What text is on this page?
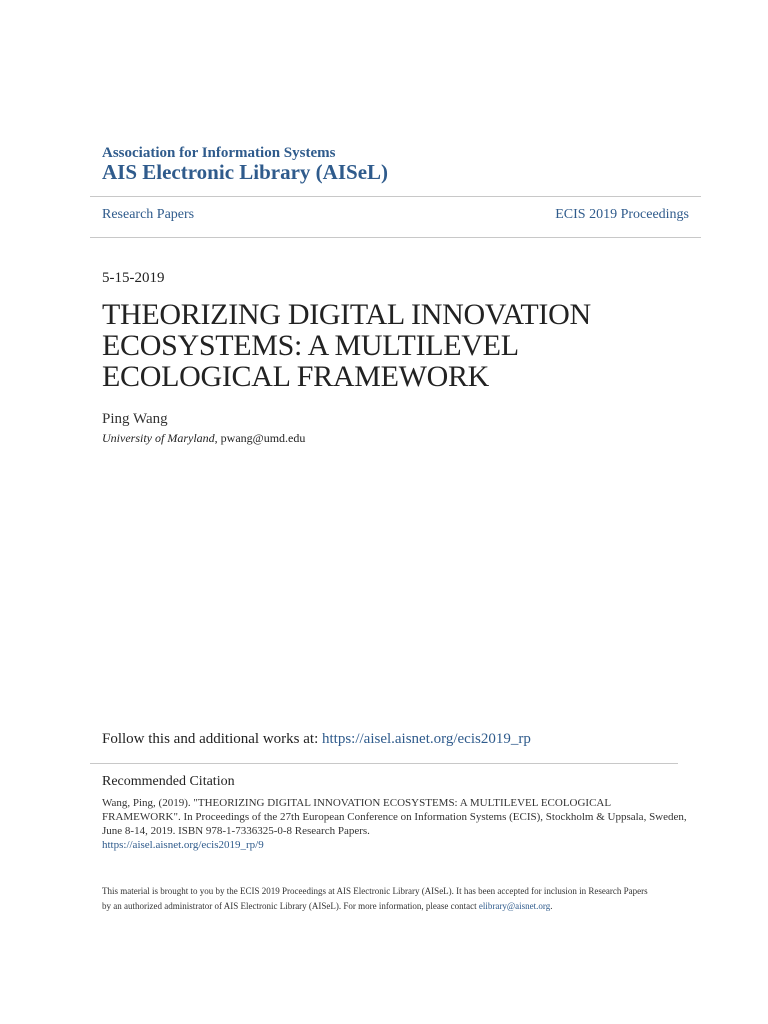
Association for Information Systems
AIS Electronic Library (AISeL)
Research Papers	ECIS 2019 Proceedings
5-15-2019
THEORIZING DIGITAL INNOVATION
ECOSYSTEMS: A MULTILEVEL
ECOLOGICAL FRAMEWORK
Ping Wang
University of Maryland, pwang@umd.edu
Follow this and additional works at: https://aisel.aisnet.org/ecis2019_rp
Recommended Citation
Wang, Ping, (2019). "THEORIZING DIGITAL INNOVATION ECOSYSTEMS: A MULTILEVEL ECOLOGICAL
FRAMEWORK". In Proceedings of the 27th European Conference on Information Systems (ECIS), Stockholm & Uppsala, Sweden,
June 8-14, 2019. ISBN 978-1-7336325-0-8 Research Papers.
https://aisel.aisnet.org/ecis2019_rp/9
This material is brought to you by the ECIS 2019 Proceedings at AIS Electronic Library (AISeL). It has been accepted for inclusion in Research Papers
by an authorized administrator of AIS Electronic Library (AISeL). For more information, please contact elibrary@aisnet.org.
